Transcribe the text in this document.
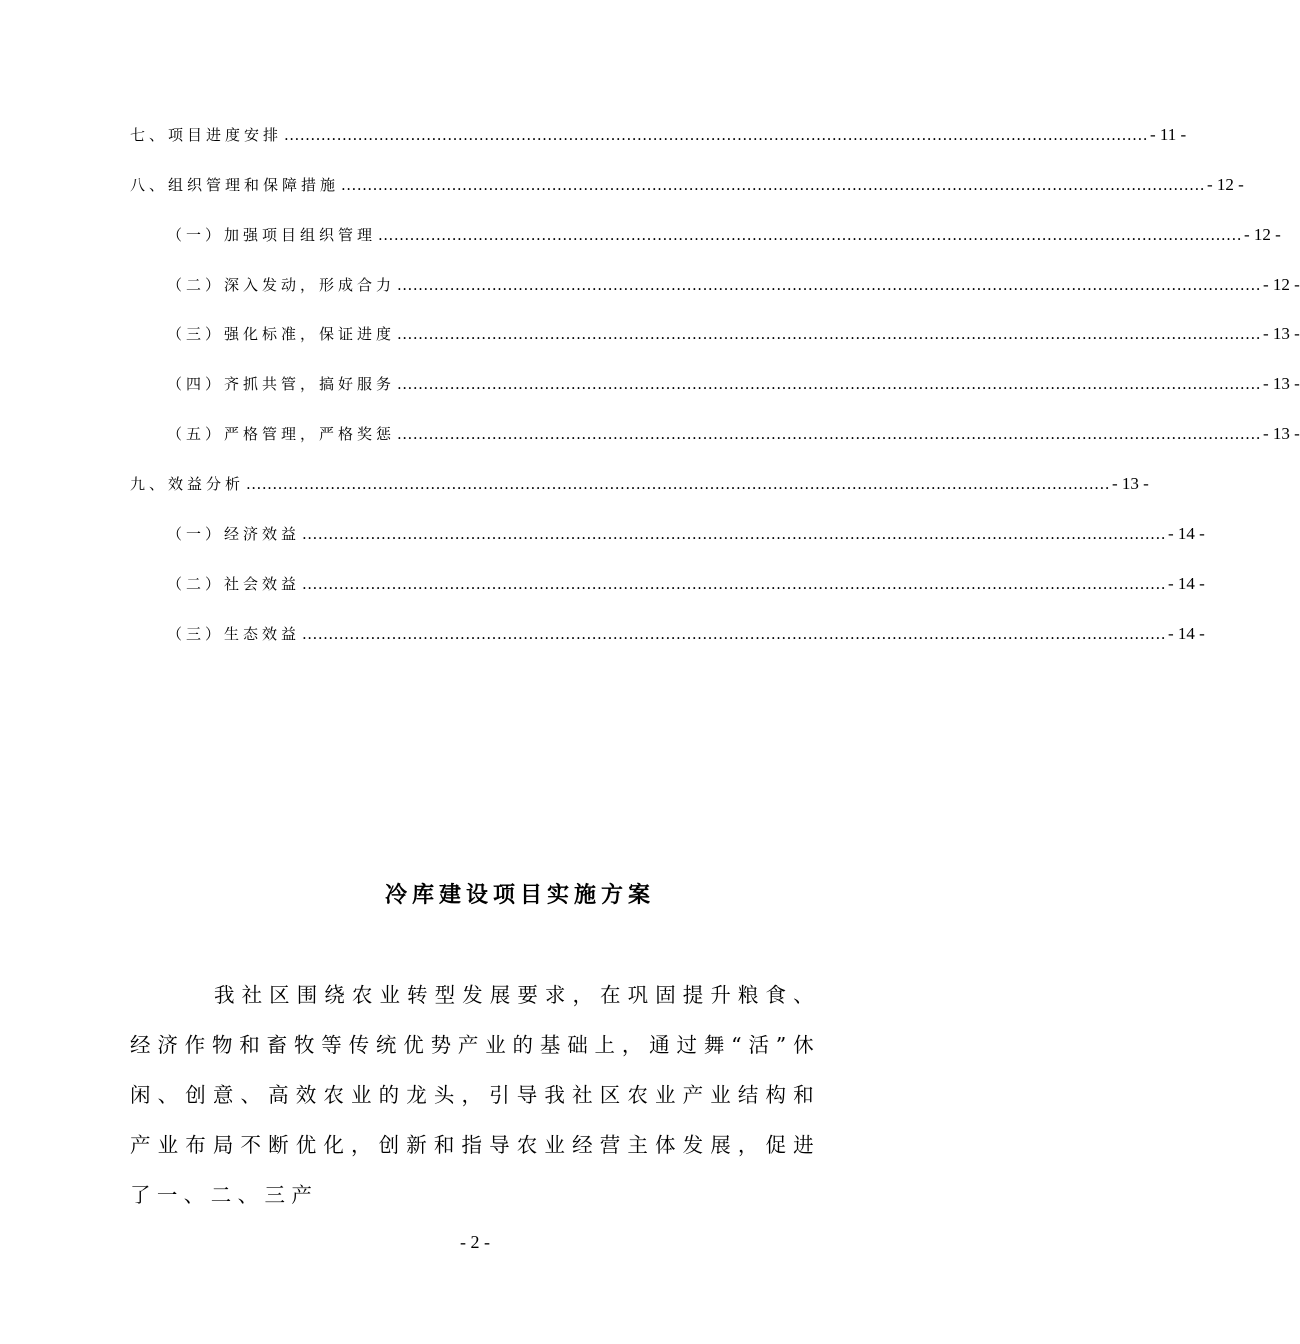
七、项目进度安排 .................................................................................................................................................................... - 11 -
八、组织管理和保障措施 .................................................................................................................................................................... - 12 -
（一）加强项目组织管理 .................................................................................................................................................................... - 12 -
（二）深入发动，形成合力 .................................................................................................................................................................... - 12 -
（三）强化标准，保证进度 .................................................................................................................................................................... - 13 -
（四）齐抓共管，搞好服务 .................................................................................................................................................................... - 13 -
（五）严格管理，严格奖惩 .................................................................................................................................................................... - 13 -
九、效益分析 .................................................................................................................................................................... - 13 -
（一）经济效益 .................................................................................................................................................................... - 14 -
（二）社会效益 .................................................................................................................................................................... - 14 -
（三）生态效益 .................................................................................................................................................................... - 14 -
冷库建设项目实施方案

我社区围绕农业转型发展要求，在巩固提升粮食、经济作物和畜牧等传统优势产业的基础上，通过舞“活”休闲、创意、高效农业的龙头，引导我社区农业产业结构和产业布局不断优化，创新和指导农业经营主体发展，促进了一、二、三产

- 2 -
